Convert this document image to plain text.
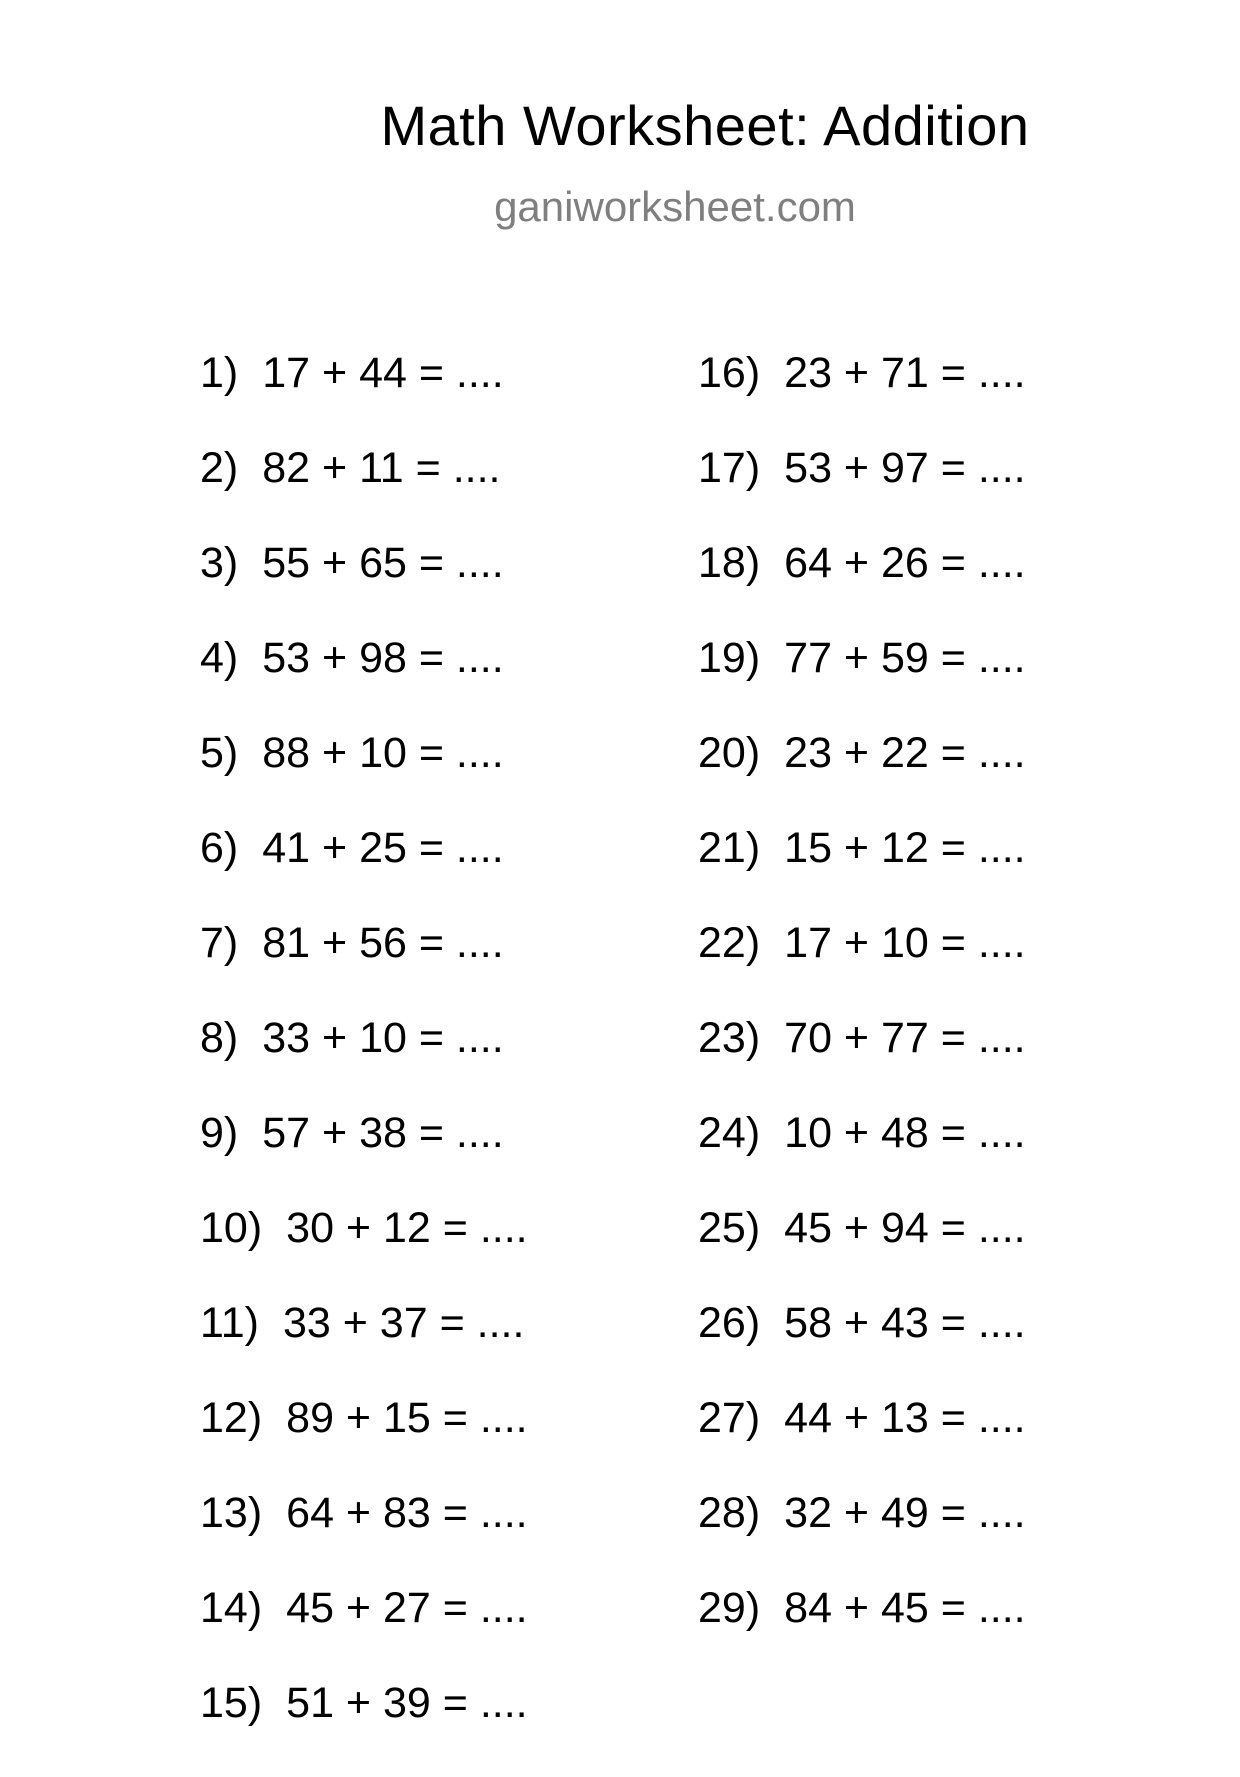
Math Worksheet: Addition
ganiworksheet.com
1) 17 + 44 = ....
2) 82 + 11 = ....
3) 55 + 65 = ....
4) 53 + 98 = ....
5) 88 + 10 = ....
6) 41 + 25 = ....
7) 81 + 56 = ....
8) 33 + 10 = ....
9) 57 + 38 = ....
10) 30 + 12 = ....
11) 33 + 37 = ....
12) 89 + 15 = ....
13) 64 + 83 = ....
14) 45 + 27 = ....
15) 51 + 39 = ....
16) 23 + 71 = ....
17) 53 + 97 = ....
18) 64 + 26 = ....
19) 77 + 59 = ....
20) 23 + 22 = ....
21) 15 + 12 = ....
22) 17 + 10 = ....
23) 70 + 77 = ....
24) 10 + 48 = ....
25) 45 + 94 = ....
26) 58 + 43 = ....
27) 44 + 13 = ....
28) 32 + 49 = ....
29) 84 + 45 = ....
